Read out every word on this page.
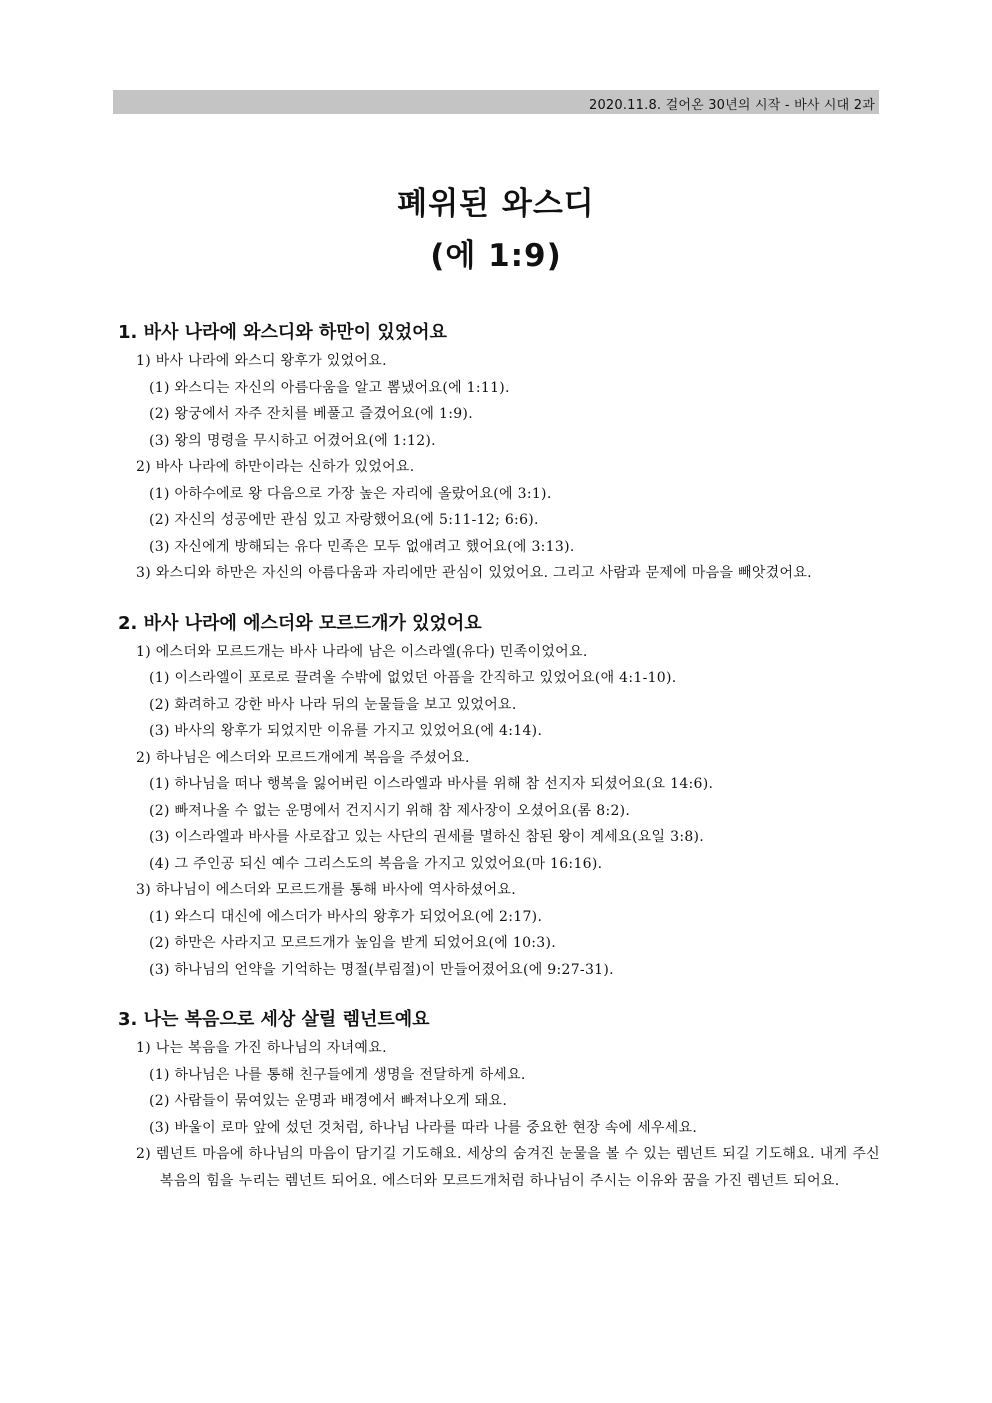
2020.11.8. 걸어온 30년의 시작 - 바사 시대 2과
폐위된 와스디
(에 1:9)
1. 바사 나라에 와스디와 하만이 있었어요
1) 바사 나라에 와스디 왕후가 있었어요.
(1) 와스디는 자신의 아름다움을 알고 뽐냈어요(에 1:11).
(2) 왕궁에서 자주 잔치를 베풀고 즐겼어요(에 1:9).
(3) 왕의 명령을 무시하고 어겼어요(에 1:12).
2) 바사 나라에 하만이라는 신하가 있었어요.
(1) 아하수에로 왕 다음으로 가장 높은 자리에 올랐어요(에 3:1).
(2) 자신의 성공에만 관심 있고 자랑했어요(에 5:11-12; 6:6).
(3) 자신에게 방해되는 유다 민족은 모두 없애려고 했어요(에 3:13).
3) 와스디와 하만은 자신의 아름다움과 자리에만 관심이 있었어요. 그리고 사람과 문제에 마음을 빼앗겼어요.
2. 바사 나라에 에스더와 모르드개가 있었어요
1) 에스더와 모르드개는 바사 나라에 남은 이스라엘(유다) 민족이었어요.
(1) 이스라엘이 포로로 끌려올 수밖에 없었던 아픔을 간직하고 있었어요(애 4:1-10).
(2) 화려하고 강한 바사 나라 뒤의 눈물들을 보고 있었어요.
(3) 바사의 왕후가 되었지만 이유를 가지고 있었어요(에 4:14).
2) 하나님은 에스더와 모르드개에게 복음을 주셨어요.
(1) 하나님을 떠나 행복을 잃어버린 이스라엘과 바사를 위해 참 선지자 되셨어요(요 14:6).
(2) 빠져나올 수 없는 운명에서 건지시기 위해 참 제사장이 오셨어요(롬 8:2).
(3) 이스라엘과 바사를 사로잡고 있는 사단의 권세를 멸하신 참된 왕이 계세요(요일 3:8).
(4) 그 주인공 되신 예수 그리스도의 복음을 가지고 있었어요(마 16:16).
3) 하나님이 에스더와 모르드개를 통해 바사에 역사하셨어요.
(1) 와스디 대신에 에스더가 바사의 왕후가 되었어요(에 2:17).
(2) 하만은 사라지고 모르드개가 높임을 받게 되었어요(에 10:3).
(3) 하나님의 언약을 기억하는 명절(부림절)이 만들어졌어요(에 9:27-31).
3. 나는 복음으로 세상 살릴 렘넌트예요
1) 나는 복음을 가진 하나님의 자녀예요.
(1) 하나님은 나를 통해 친구들에게 생명을 전달하게 하세요.
(2) 사람들이 묶여있는 운명과 배경에서 빠져나오게 돼요.
(3) 바울이 로마 앞에 섰던 것처럼, 하나님 나라를 따라 나를 중요한 현장 속에 세우세요.
2) 렘넌트 마음에 하나님의 마음이 담기길 기도해요. 세상의 숨겨진 눈물을 볼 수 있는 렘넌트 되길 기도해요. 내게 주신 복음의 힘을 누리는 렘넌트 되어요. 에스더와 모르드개처럼 하나님이 주시는 이유와 꿈을 가진 렘넌트 되어요.
